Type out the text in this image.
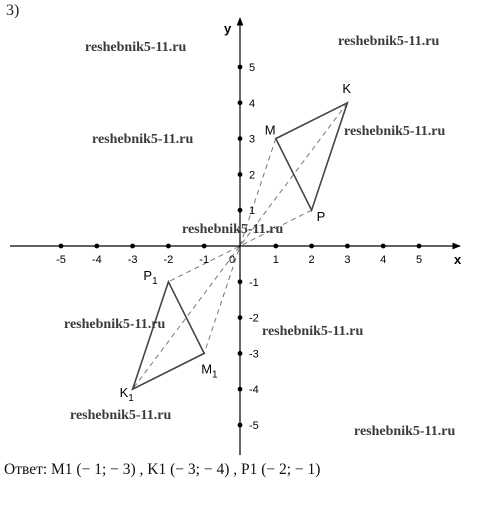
3)
x
y
0
-5 -4 -3 -2 -1	1	2	3	4	5
5
4
3
2
1
-1
-2
-3
-4
-5
M
K
P
$M_1$
$K_1$
$P_1$
reshebnik5-11.ru	reshebnik5-11.ru
reshebnik5-11.ru
reshebnik5-11.ru
reshebnik5-11.ru
reshebnik5-11.ru	reshebnik5-11.ru
reshebnik5-11.ru
reshebnik5-11.ru
Ответ: M1 (− 1; − 3) , K1 (− 3; − 4) , P1 (− 2; − 1)
